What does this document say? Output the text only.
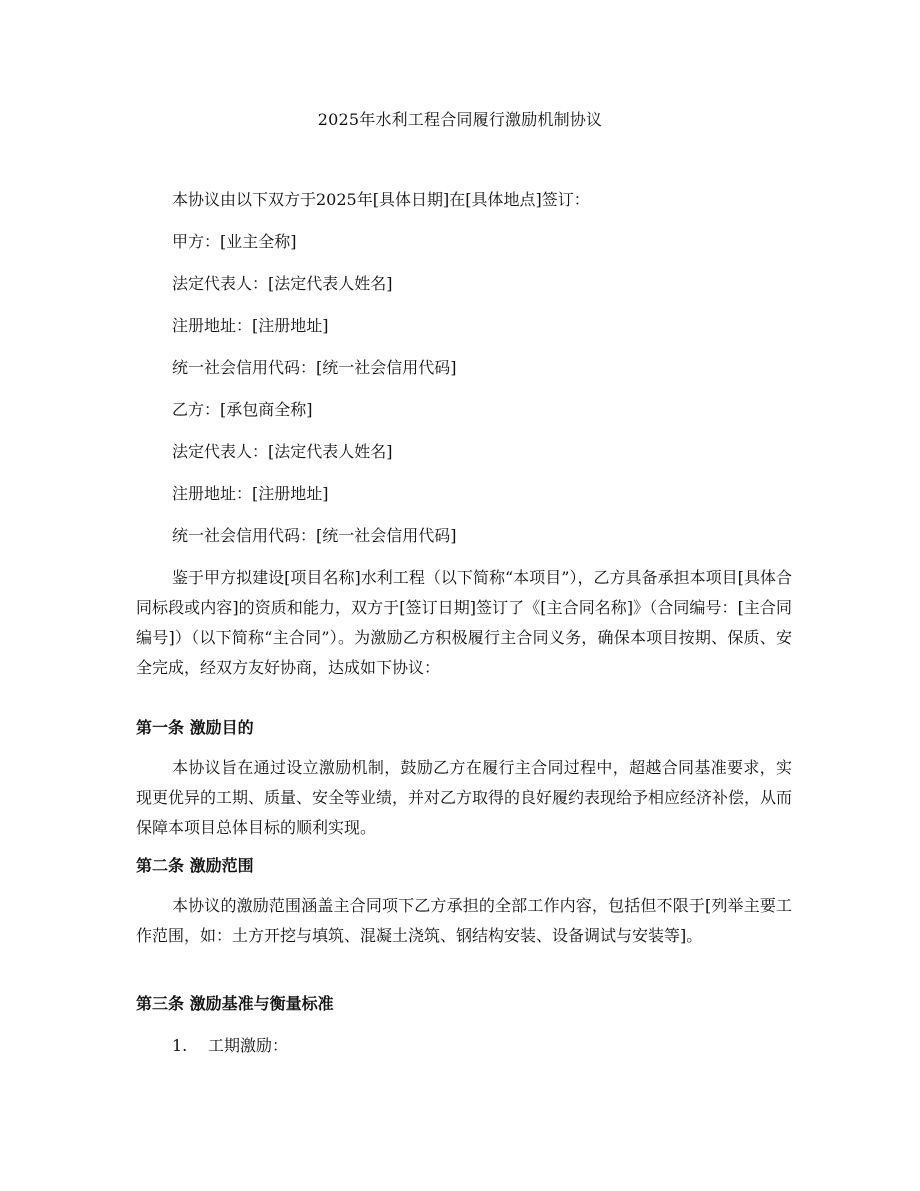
2025年水利工程合同履行激励机制协议
本协议由以下双方于2025年[具体日期]在[具体地点]签订：
甲方：[业主全称]
法定代表人：[法定代表人姓名]
注册地址：[注册地址]
统一社会信用代码：[统一社会信用代码]
乙方：[承包商全称]
法定代表人：[法定代表人姓名]
注册地址：[注册地址]
统一社会信用代码：[统一社会信用代码]
鉴于甲方拟建设[项目名称]水利工程（以下简称“本项目”），乙方具备承担本项目[具体合同标段或内容]的资质和能力，双方于[签订日期]签订了《[主合同名称]》（合同编号：[主合同编号]）（以下简称“主合同”）。为激励乙方积极履行主合同义务，确保本项目按期、保质、安全完成，经双方友好协商，达成如下协议：
第一条 激励目的
本协议旨在通过设立激励机制，鼓励乙方在履行主合同过程中，超越合同基准要求，实现更优异的工期、质量、安全等业绩，并对乙方取得的良好履约表现给予相应经济补偿，从而保障本项目总体目标的顺利实现。
第二条 激励范围
本协议的激励范围涵盖主合同项下乙方承担的全部工作内容，包括但不限于[列举主要工作范围，如：土方开挖与填筑、混凝土浇筑、钢结构安装、设备调试与安装等]。
第三条 激励基准与衡量标准
1. 工期激励：
